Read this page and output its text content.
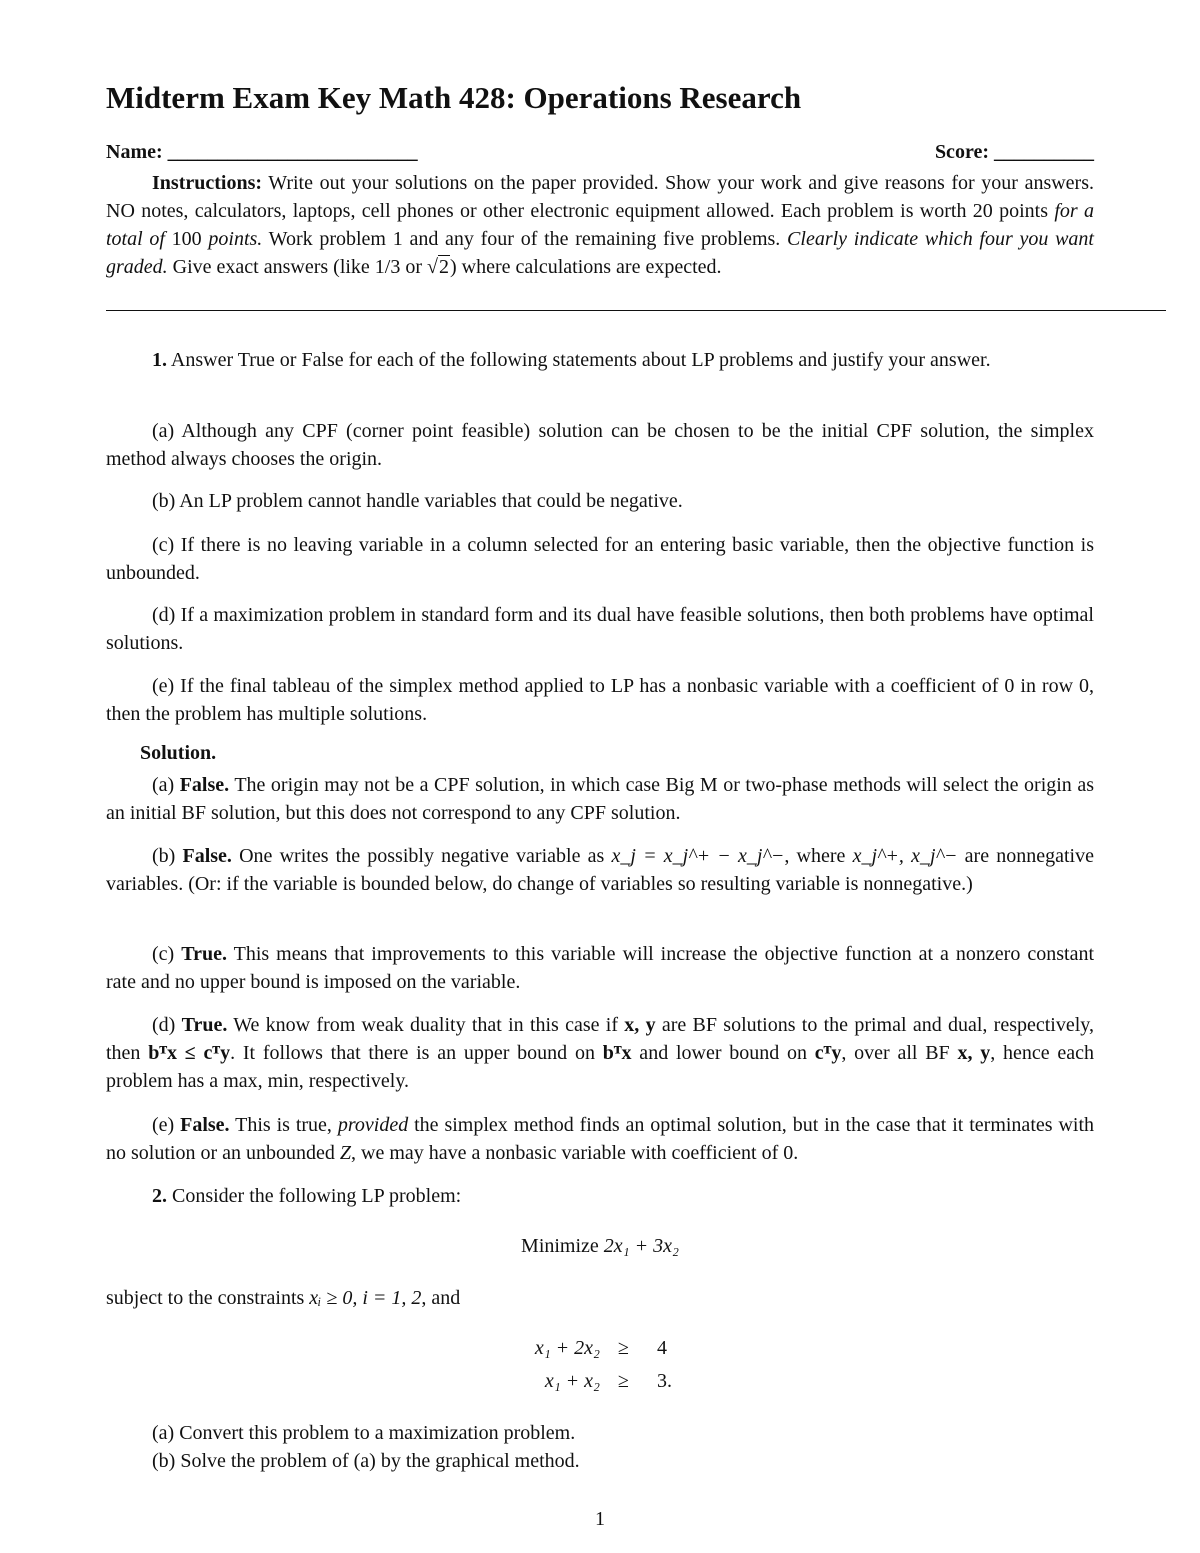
Midterm Exam Key Math 428: Operations Research
Name: _________________________	Score: __________

Instructions: Write out your solutions on the paper provided. Show your work and give reasons for your answers. NO notes, calculators, laptops, cell phones or other electronic equipment allowed. Each problem is worth 20 points for a total of 100 points. Work problem 1 and any four of the remaining five problems. Clearly indicate which four you want graded. Give exact answers (like 1/3 or √2) where calculations are expected.

1. Answer True or False for each of the following statements about LP problems and justify your answer.

(a) Although any CPF (corner point feasible) solution can be chosen to be the initial CPF solution, the simplex method always chooses the origin.

(b) An LP problem cannot handle variables that could be negative.

(c) If there is no leaving variable in a column selected for an entering basic variable, then the objective function is unbounded.

(d) If a maximization problem in standard form and its dual have feasible solutions, then both problems have optimal solutions.

(e) If the final tableau of the simplex method applied to LP has a nonbasic variable with a coefficient of 0 in row 0, then the problem has multiple solutions.

Solution.

(a) False. The origin may not be a CPF solution, in which case Big M or two-phase methods will select the origin as an initial BF solution, but this does not correspond to any CPF solution.

(b) False. One writes the possibly negative variable as x_j = x_j^+ − x_j^−, where x_j^+, x_j^− are nonnegative variables. (Or: if the variable is bounded below, do change of variables so resulting variable is nonnegative.)

(c) True. This means that improvements to this variable will increase the objective function at a nonzero constant rate and no upper bound is imposed on the variable.

(d) True. We know from weak duality that in this case if x, y are BF solutions to the primal and dual, respectively, then bᵀx ≤ cᵀy. It follows that there is an upper bound on bᵀx and lower bound on cᵀy, over all BF x, y, hence each problem has a max, min, respectively.

(e) False. This is true, provided the simplex method finds an optimal solution, but in the case that it terminates with no solution or an unbounded Z, we may have a nonbasic variable with coefficient of 0.

2. Consider the following LP problem:

Minimize 2x₁ + 3x₂

subject to the constraints xᵢ ≥ 0, i = 1, 2, and

x₁ + 2x₂ ≥ 4
x₁ + x₂ ≥ 3.

(a) Convert this problem to a maximization problem.

(b) Solve the problem of (a) by the graphical method.

1
